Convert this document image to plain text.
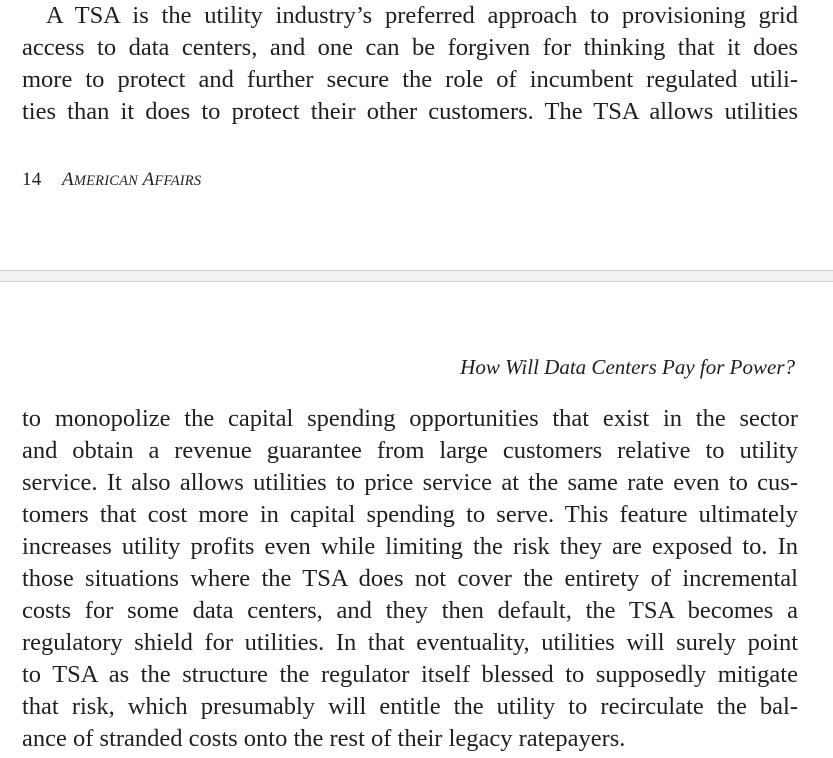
A TSA is the utility industry’s preferred approach to provisioning grid
access to data centers, and one can be forgiven for thinking that it does
more to protect and further secure the role of incumbent regulated utili-
ties than it does to protect their other customers. The TSA allows utilities

14 AMERICAN AFFAIRS
How Will Data Centers Pay for Power?

to monopolize the capital spending opportunities that exist in the sector
and obtain a revenue guarantee from large customers relative to utility
service. It also allows utilities to price service at the same rate even to cus-
tomers that cost more in capital spending to serve. This feature ultimately
increases utility profits even while limiting the risk they are exposed to. In
those situations where the TSA does not cover the entirety of incremental
costs for some data centers, and they then default, the TSA becomes a
regulatory shield for utilities. In that eventuality, utilities will surely point
to TSA as the structure the regulator itself blessed to supposedly mitigate
that risk, which presumably will entitle the utility to recirculate the bal-
ance of stranded costs onto the rest of their legacy ratepayers.
